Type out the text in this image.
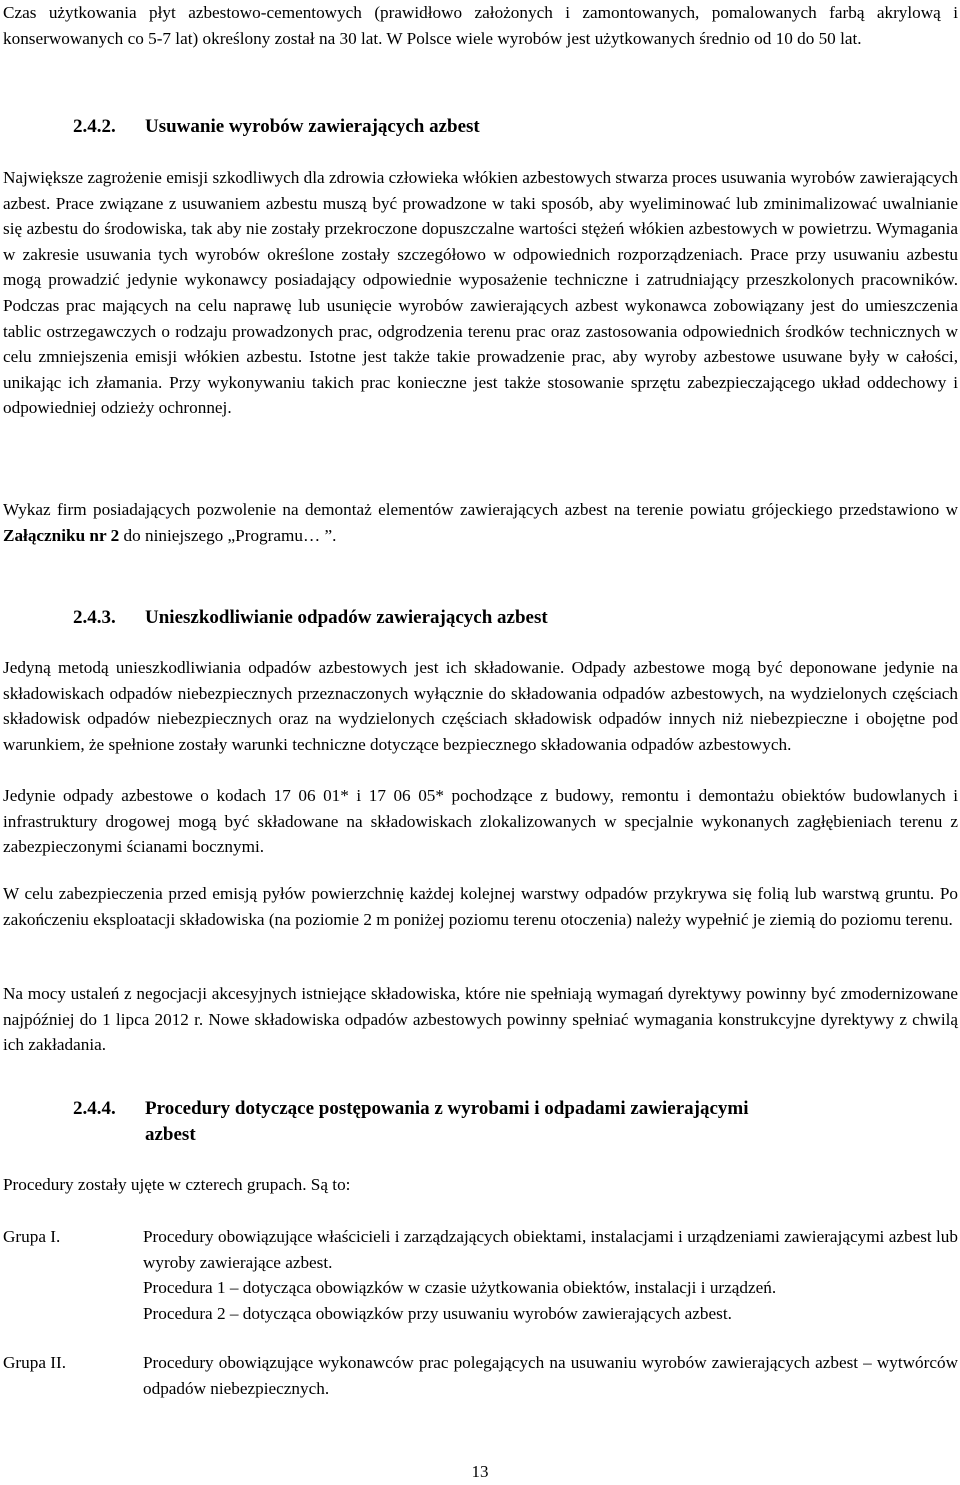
Czas użytkowania płyt azbestowo-cementowych (prawidłowo założonych i zamontowanych, pomalowanych farbą akrylową i konserwowanych co 5-7 lat) określony został na 30 lat. W Polsce wiele wyrobów jest użytkowanych średnio od 10 do 50 lat.

2.4.2. Usuwanie wyrobów zawierających azbest

Największe zagrożenie emisji szkodliwych dla zdrowia człowieka włókien azbestowych stwarza proces usuwania wyrobów zawierających azbest. Prace związane z usuwaniem azbestu muszą być prowadzone w taki sposób, aby wyeliminować lub zminimalizować uwalnianie się azbestu do środowiska, tak aby nie zostały przekroczone dopuszczalne wartości stężeń włókien azbestowych w powietrzu. Wymagania w zakresie usuwania tych wyrobów określone zostały szczegółowo w odpowiednich rozporządzeniach. Prace przy usuwaniu azbestu mogą prowadzić jedynie wykonawcy posiadający odpowiednie wyposażenie techniczne i zatrudniający przeszkolonych pracowników. Podczas prac mających na celu naprawę lub usunięcie wyrobów zawierających azbest wykonawca zobowiązany jest do umieszczenia tablic ostrzegawczych o rodzaju prowadzonych prac, odgrodzenia terenu prac oraz zastosowania odpowiednich środków technicznych w celu zmniejszenia emisji włókien azbestu. Istotne jest także takie prowadzenie prac, aby wyroby azbestowe usuwane były w całości, unikając ich złamania. Przy wykonywaniu takich prac konieczne jest także stosowanie sprzętu zabezpieczającego układ oddechowy i odpowiedniej odzieży ochronnej.

Wykaz firm posiadających pozwolenie na demontaż elementów zawierających azbest na terenie powiatu grójeckiego przedstawiono w Załączniku nr 2 do niniejszego „Programu… ”.

2.4.3. Unieszkodliwianie odpadów zawierających azbest

Jedyną metodą unieszkodliwiania odpadów azbestowych jest ich składowanie. Odpady azbestowe mogą być deponowane jedynie na składowiskach odpadów niebezpiecznych przeznaczonych wyłącznie do składowania odpadów azbestowych, na wydzielonych częściach składowisk odpadów niebezpiecznych oraz na wydzielonych częściach składowisk odpadów innych niż niebezpieczne i obojętne pod warunkiem, że spełnione zostały warunki techniczne dotyczące bezpiecznego składowania odpadów azbestowych.

Jedynie odpady azbestowe o kodach 17 06 01* i 17 06 05* pochodzące z budowy, remontu i demontażu obiektów budowlanych i infrastruktury drogowej mogą być składowane na składowiskach zlokalizowanych w specjalnie wykonanych zagłębieniach terenu z zabezpieczonymi ścianami bocznymi.

W celu zabezpieczenia przed emisją pyłów powierzchnię każdej kolejnej warstwy odpadów przykrywa się folią lub warstwą gruntu. Po zakończeniu eksploatacji składowiska (na poziomie 2 m poniżej poziomu terenu otoczenia) należy wypełnić je ziemią do poziomu terenu.

Na mocy ustaleń z negocjacji akcesyjnych istniejące składowiska, które nie spełniają wymagań dyrektywy powinny być zmodernizowane najpóźniej do 1 lipca 2012 r. Nowe składowiska odpadów azbestowych powinny spełniać wymagania konstrukcyjne dyrektywy z chwilą ich zakładania.

2.4.4. Procedury dotyczące postępowania z wyrobami i odpadami zawierającymi
azbest

Procedury zostały ujęte w czterech grupach. Są to:

Grupa I.	Procedury obowiązujące właścicieli i zarządzających obiektami, instalacjami i urządzeniami zawierającymi azbest lub wyroby zawierające azbest.
Procedura 1 – dotycząca obowiązków w czasie użytkowania obiektów, instalacji i urządzeń.
Procedura 2 – dotycząca obowiązków przy usuwaniu wyrobów zawierających azbest.

Grupa II.	Procedury obowiązujące wykonawców prac polegających na usuwaniu wyrobów zawierających azbest – wytwórców odpadów niebezpiecznych.
13
